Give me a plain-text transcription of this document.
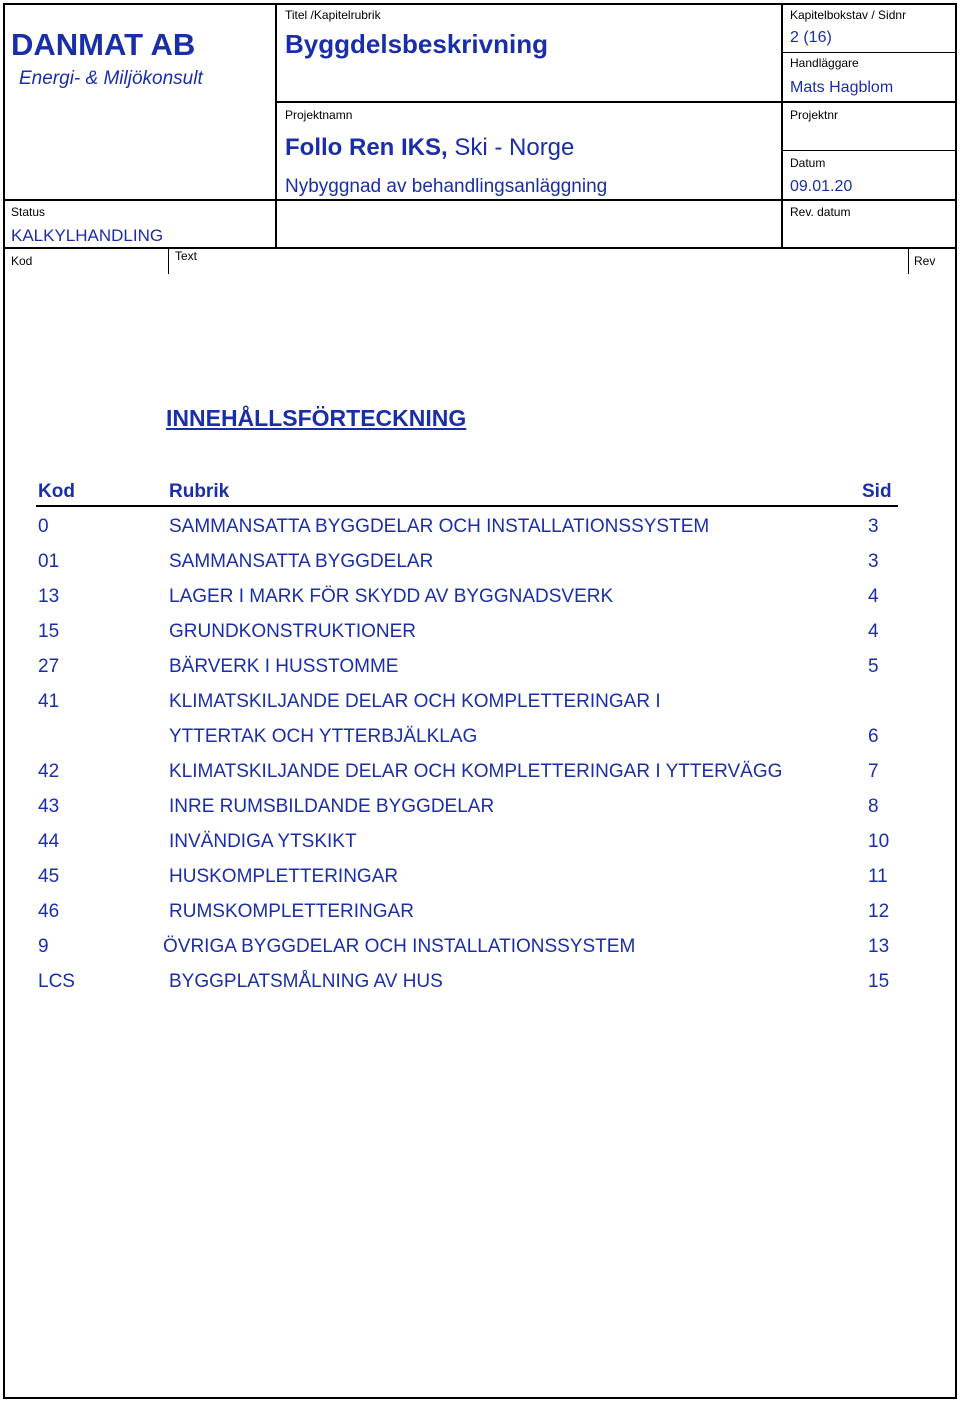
DANMAT AB
Energi- & Miljökonsult
Titel /Kapitelrubrik
Byggdelsbeskrivning
Kapitelbokstav / Sidnr
2 (16)
Handläggare
Mats Hagblom
Projektnamn
Follo Ren IKS, Ski - Norge
Nybyggnad av behandlingsanläggning
Projektnr
Datum
09.01.20
Status
KALKYLHANDLING
Rev. datum
Kod	Text	Rev
INNEHÅLLSFÖRTECKNING
Kod	Rubrik	Sid
0	SAMMANSATTA BYGGDELAR OCH INSTALLATIONSSYSTEM	3
01	SAMMANSATTA BYGGDELAR	3
13	LAGER I MARK FÖR SKYDD AV BYGGNADSVERK	4
15	GRUNDKONSTRUKTIONER	4
27	BÄRVERK I HUSSTOMME	5
41	KLIMATSKILJANDE DELAR OCH KOMPLETTERINGAR I
YTTERTAK OCH YTTERBJÄLKLAG	6
42	KLIMATSKILJANDE DELAR OCH KOMPLETTERINGAR I YTTERVÄGG	7
43	INRE RUMSBILDANDE BYGGDELAR	8
44	INVÄNDIGA YTSKIKT	10
45	HUSKOMPLETTERINGAR	11
46	RUMSKOMPLETTERINGAR	12
9	ÖVRIGA BYGGDELAR OCH INSTALLATIONSSYSTEM	13
LCS	BYGGPLATSMÅLNING AV HUS	15
